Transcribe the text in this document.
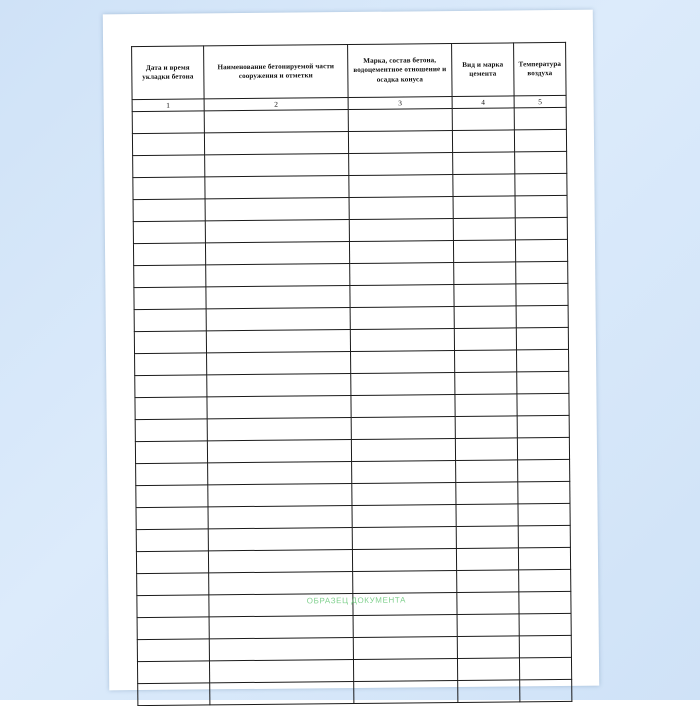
Дата и время укладки бетона	Наименование бетонируемой части сооружения и отметки	Марка, состав бетона, водоцементное отношение и осадка конуса	Вид и марка цемента	Температура воздуха
1	2	3	4	5

ОБРАЗЕЦ ДОКУМЕНТА
